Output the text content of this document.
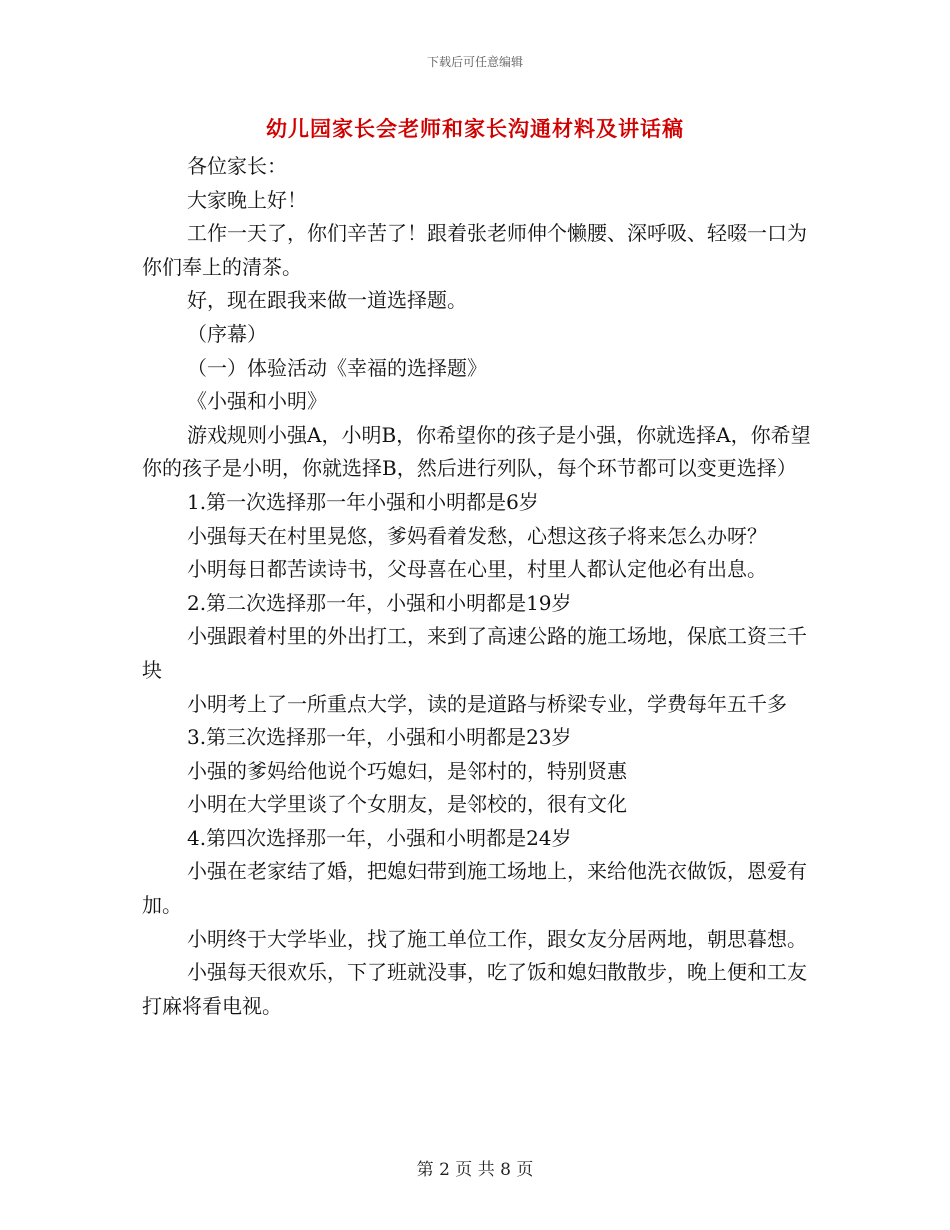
下载后可任意编辑
幼儿园家长会老师和家长沟通材料及讲话稿

各位家长：

大家晚上好！

工作一天了，你们辛苦了！跟着张老师伸个懒腰、深呼吸、轻啜一口为你们奉上的清茶。

好，现在跟我来做一道选择题。

（序幕）

（一）体验活动《幸福的选择题》

《小强和小明》

游戏规则小强A，小明B，你希望你的孩子是小强，你就选择A，你希望你的孩子是小明，你就选择B，然后进行列队，每个环节都可以变更选择）

1.第一次选择那一年小强和小明都是6岁

小强每天在村里晃悠，爹妈看着发愁，心想这孩子将来怎么办呀？

小明每日都苦读诗书，父母喜在心里，村里人都认定他必有出息。

2.第二次选择那一年，小强和小明都是19岁

小强跟着村里的外出打工，来到了高速公路的施工场地，保底工资三千块

小明考上了一所重点大学，读的是道路与桥梁专业，学费每年五千多

3.第三次选择那一年，小强和小明都是23岁

小强的爹妈给他说个巧媳妇，是邻村的，特别贤惠

小明在大学里谈了个女朋友，是邻校的，很有文化

4.第四次选择那一年，小强和小明都是24岁

小强在老家结了婚，把媳妇带到施工场地上，来给他洗衣做饭，恩爱有加。

小明终于大学毕业，找了施工单位工作，跟女友分居两地，朝思暮想。

小强每天很欢乐，下了班就没事，吃了饭和媳妇散散步，晚上便和工友打麻将看电视。

第 2 页 共 8 页
